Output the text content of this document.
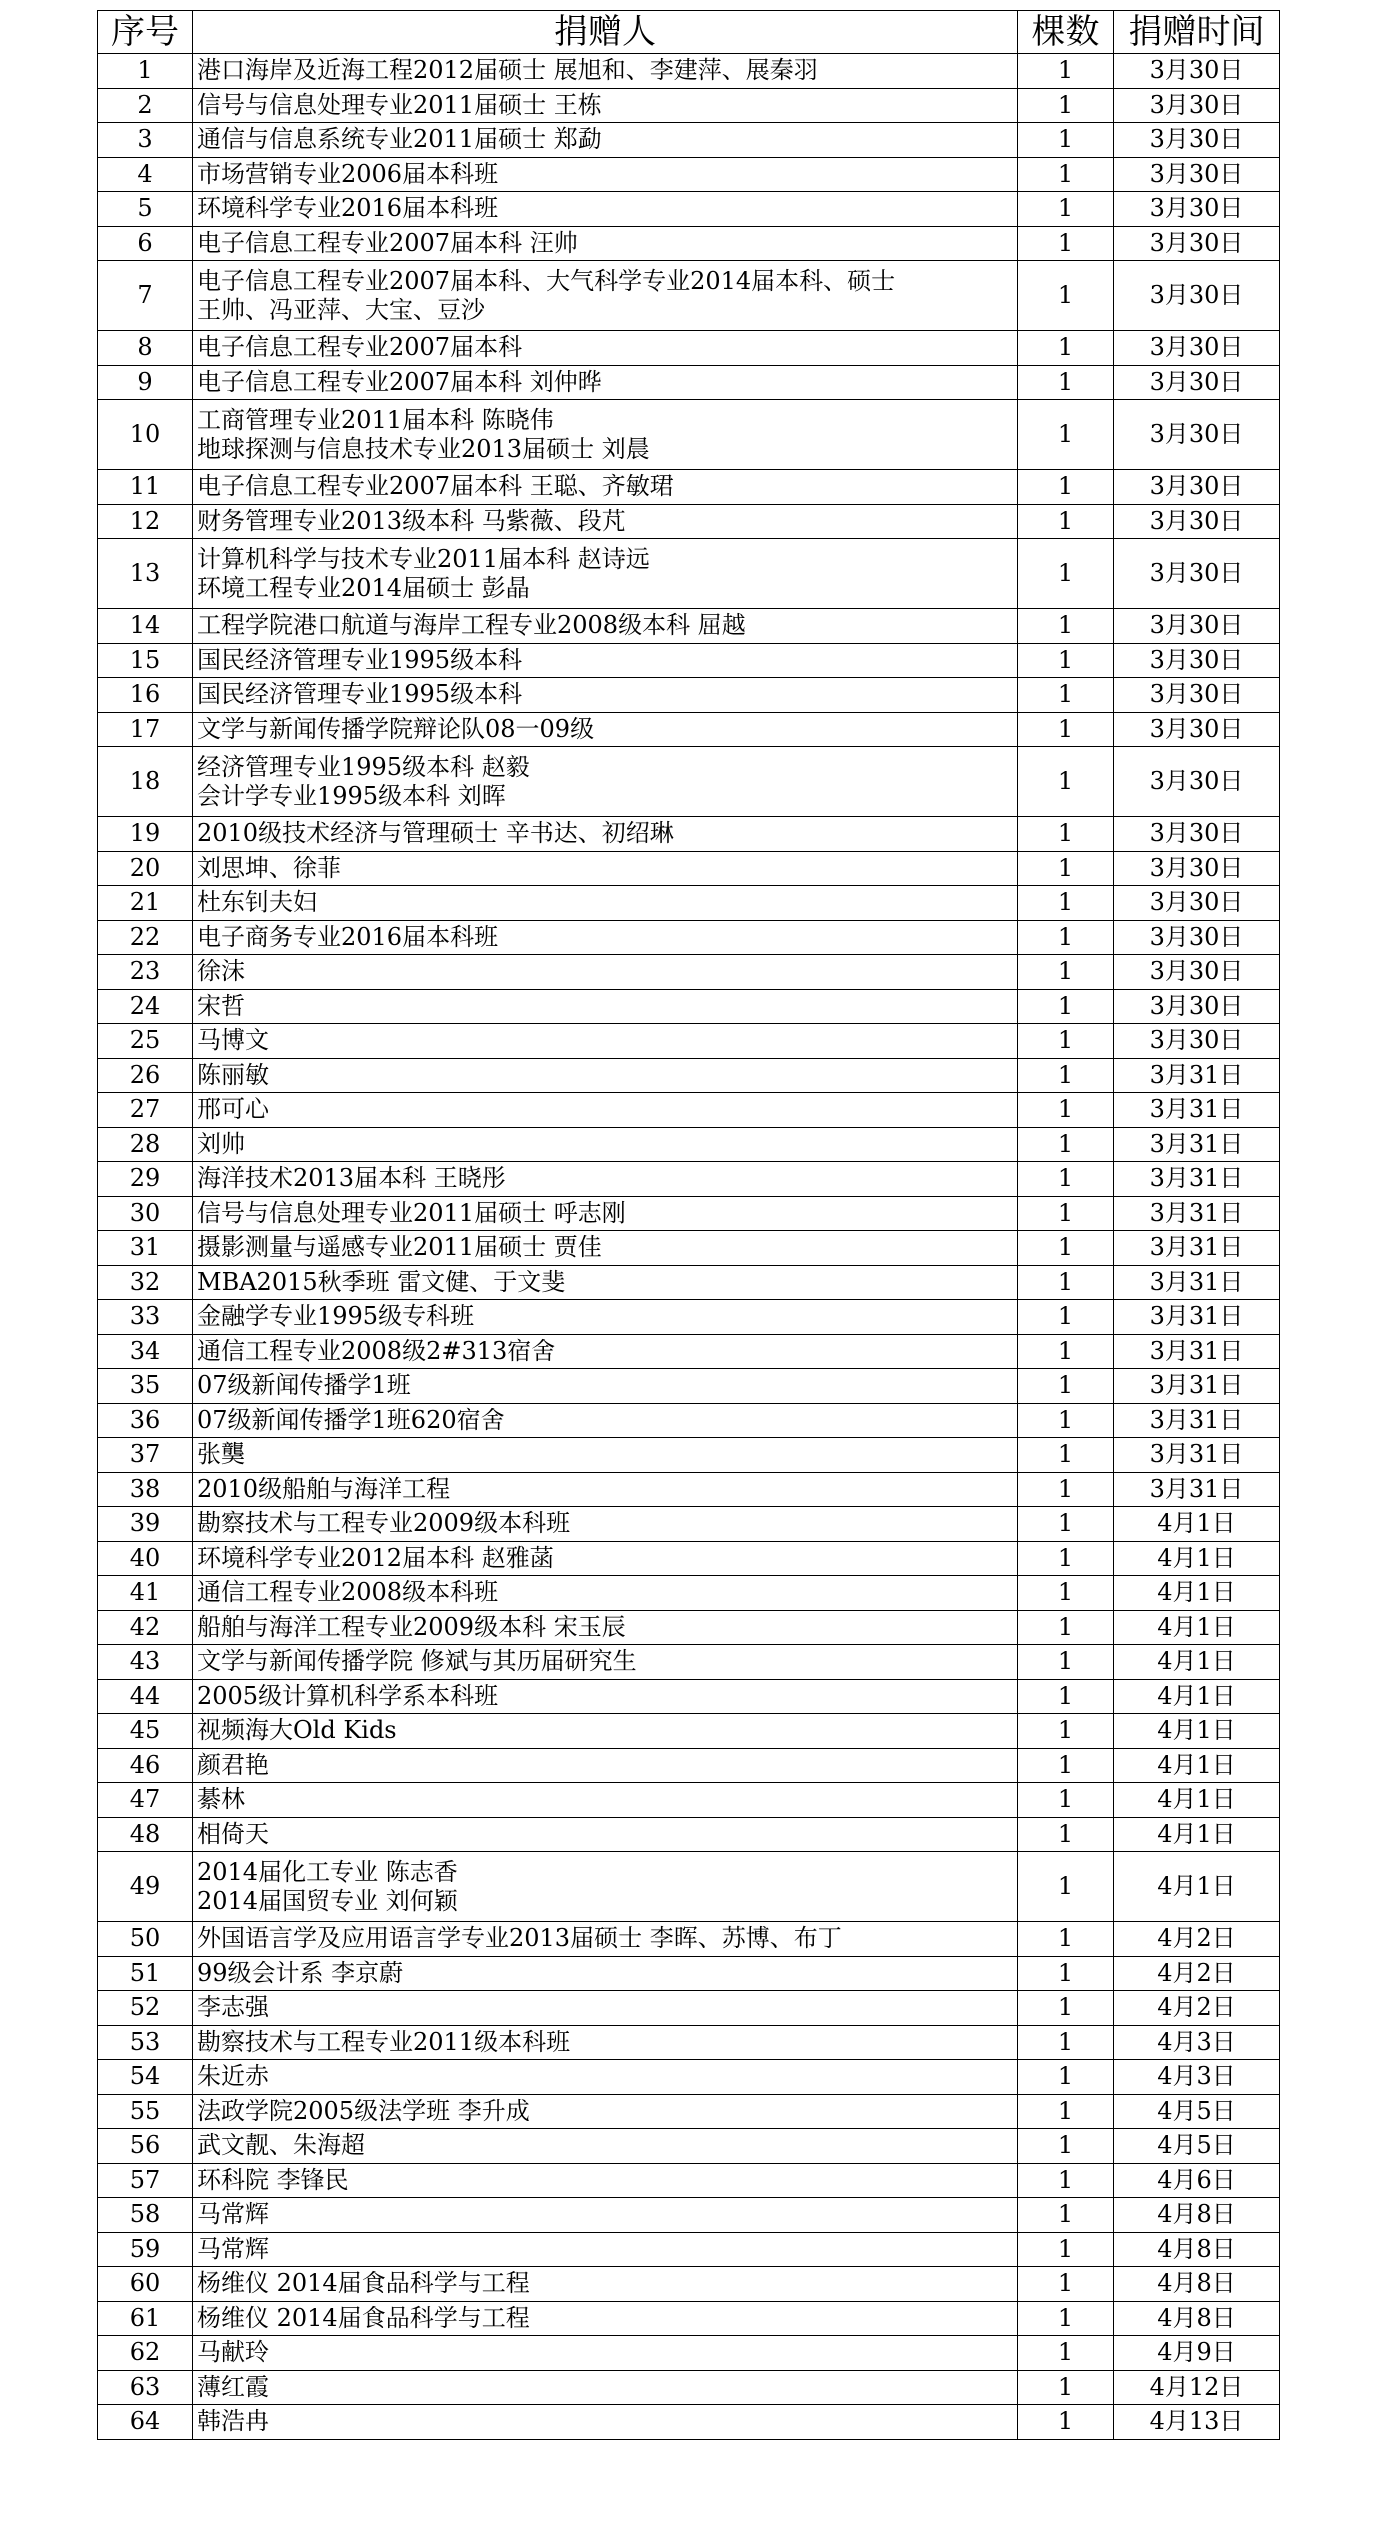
序号	捐赠人	棵数	捐赠时间
1	港口海岸及近海工程2012届硕士 展旭和、李建萍、展秦羽	1	3月30日
2	信号与信息处理专业2011届硕士 王栋	1	3月30日
3	通信与信息系统专业2011届硕士 郑勐	1	3月30日
4	市场营销专业2006届本科班	1	3月30日
5	环境科学专业2016届本科班	1	3月30日
6	电子信息工程专业2007届本科 汪帅	1	3月30日
7	电子信息工程专业2007届本科、大气科学专业2014届本科、硕士
王帅、冯亚萍、大宝、豆沙	1	3月30日
8	电子信息工程专业2007届本科	1	3月30日
9	电子信息工程专业2007届本科 刘仲晔	1	3月30日
10	工商管理专业2011届本科 陈晓伟
地球探测与信息技术专业2013届硕士 刘晨	1	3月30日
11	电子信息工程专业2007届本科 王聪、齐敏珺	1	3月30日
12	财务管理专业2013级本科 马紫薇、段芃	1	3月30日
13	计算机科学与技术专业2011届本科 赵诗远
环境工程专业2014届硕士 彭晶	1	3月30日
14	工程学院港口航道与海岸工程专业2008级本科 屈越	1	3月30日
15	国民经济管理专业1995级本科	1	3月30日
16	国民经济管理专业1995级本科	1	3月30日
17	文学与新闻传播学院辩论队08一09级	1	3月30日
18	经济管理专业1995级本科 赵毅
会计学专业1995级本科 刘晖	1	3月30日
19	2010级技术经济与管理硕士 辛书达、初绍琳	1	3月30日
20	刘思坤、徐菲	1	3月30日
21	杜东钊夫妇	1	3月30日
22	电子商务专业2016届本科班	1	3月30日
23	徐沫	1	3月30日
24	宋哲	1	3月30日
25	马博文	1	3月30日
26	陈丽敏	1	3月31日
27	邢可心	1	3月31日
28	刘帅	1	3月31日
29	海洋技术2013届本科 王晓彤	1	3月31日
30	信号与信息处理专业2011届硕士 呼志刚	1	3月31日
31	摄影测量与遥感专业2011届硕士 贾佳	1	3月31日
32	MBA2015秋季班 雷文健、于文斐	1	3月31日
33	金融学专业1995级专科班	1	3月31日
34	通信工程专业2008级2#313宿舍	1	3月31日
35	07级新闻传播学1班	1	3月31日
36	07级新闻传播学1班620宿舍	1	3月31日
37	张龑	1	3月31日
38	2010级船舶与海洋工程	1	3月31日
39	勘察技术与工程专业2009级本科班	1	4月1日
40	环境科学专业2012届本科 赵雅菡	1	4月1日
41	通信工程专业2008级本科班	1	4月1日
42	船舶与海洋工程专业2009级本科 宋玉辰	1	4月1日
43	文学与新闻传播学院 修斌与其历届研究生	1	4月1日
44	2005级计算机科学系本科班	1	4月1日
45	视频海大Old Kids	1	4月1日
46	颜君艳	1	4月1日
47	綦林	1	4月1日
48	相倚天	1	4月1日
49	2014届化工专业 陈志香
2014届国贸专业 刘何颖	1	4月1日
50	外国语言学及应用语言学专业2013届硕士 李晖、苏博、布丁	1	4月2日
51	99级会计系 李京蔚	1	4月2日
52	李志强	1	4月2日
53	勘察技术与工程专业2011级本科班	1	4月3日
54	朱近赤	1	4月3日
55	法政学院2005级法学班 李升成	1	4月5日
56	武文靓、朱海超	1	4月5日
57	环科院 李锋民	1	4月6日
58	马常辉	1	4月8日
59	马常辉	1	4月8日
60	杨维仪 2014届食品科学与工程	1	4月8日
61	杨维仪 2014届食品科学与工程	1	4月8日
62	马献玲	1	4月9日
63	薄红霞	1	4月12日
64	韩浩冉	1	4月13日
